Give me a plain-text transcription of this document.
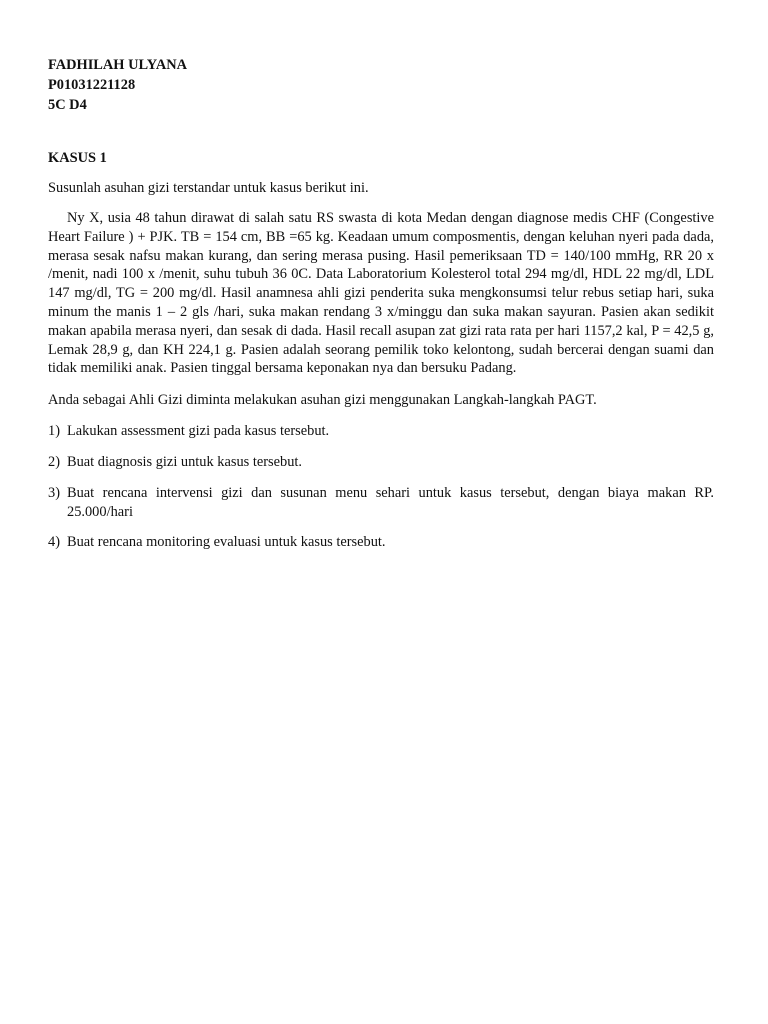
FADHILAH ULYANA

P01031221128

5C D4

KASUS 1

Susunlah asuhan gizi terstandar untuk kasus berikut ini.

Ny X, usia 48 tahun dirawat di salah satu RS swasta di kota Medan dengan diagnose medis CHF (Congestive Heart Failure ) + PJK. TB = 154 cm, BB =65 kg. Keadaan umum composmentis, dengan keluhan nyeri pada dada, merasa sesak nafsu makan kurang, dan sering merasa pusing. Hasil pemeriksaan TD = 140/100 mmHg, RR 20 x /menit, nadi 100 x /menit, suhu tubuh 36 0C. Data Laboratorium Kolesterol total 294 mg/dl, HDL 22 mg/dl, LDL 147 mg/dl, TG = 200 mg/dl. Hasil anamnesa ahli gizi penderita suka mengkonsumsi telur rebus setiap hari, suka minum the manis 1 – 2 gls /hari, suka makan rendang 3 x/minggu dan suka makan sayuran. Pasien akan sedikit makan apabila merasa nyeri, dan sesak di dada. Hasil recall asupan zat gizi rata rata per hari 1157,2 kal, P = 42,5 g, Lemak 28,9 g, dan KH 224,1 g. Pasien adalah seorang pemilik toko kelontong, sudah bercerai dengan suami dan tidak memiliki anak. Pasien tinggal bersama keponakan nya dan bersuku Padang.

Anda sebagai Ahli Gizi diminta melakukan asuhan gizi menggunakan Langkah-langkah PAGT.

1) Lakukan assessment gizi pada kasus tersebut.
2) Buat diagnosis gizi untuk kasus tersebut.
3) Buat rencana intervensi gizi dan susunan menu sehari untuk kasus tersebut, dengan biaya makan RP. 25.000/hari
4) Buat rencana monitoring evaluasi untuk kasus tersebut.
